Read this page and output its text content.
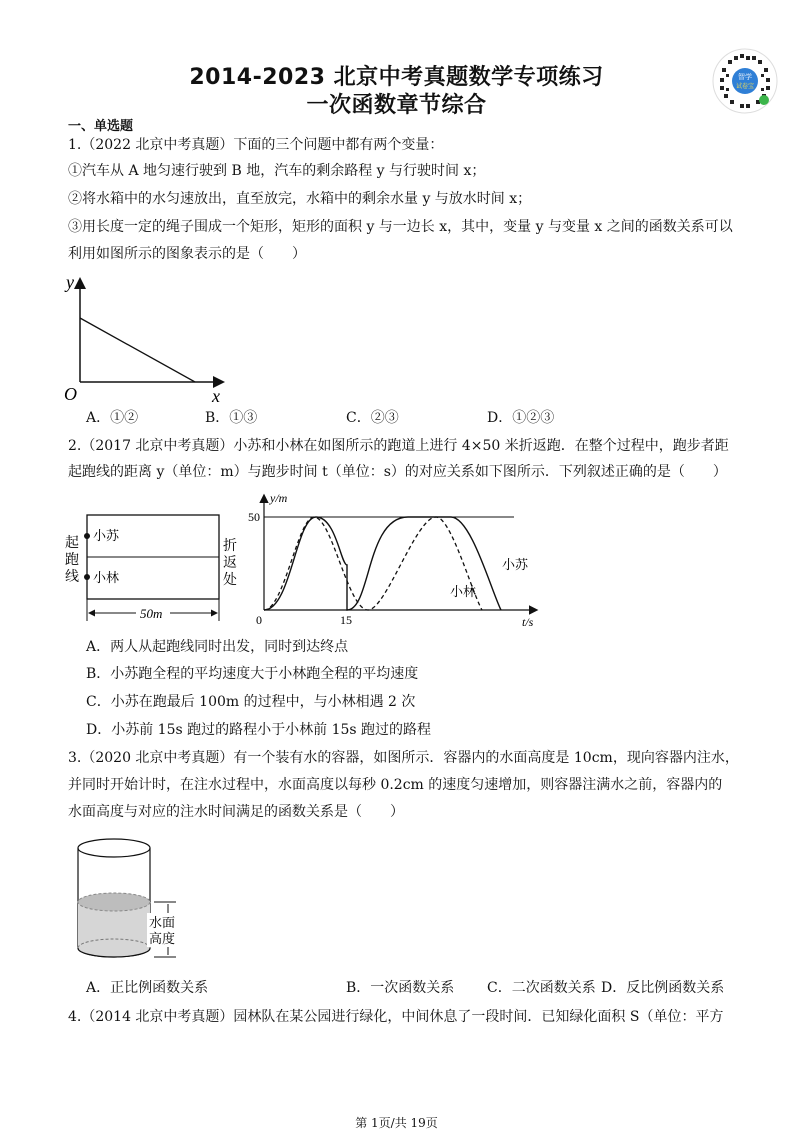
2014-2023 北京中考真题数学专项练习
一次函数章节综合
智学
试卷宝
一、单选题
1.（2022 北京中考真题）下面的三个问题中都有两个变量：
①汽车从 A 地匀速行驶到 B 地，汽车的剩余路程 y 与行驶时间 x；
②将水箱中的水匀速放出，直至放完，水箱中的剩余水量 y 与放水时间 x；
③用长度一定的绳子围成一个矩形，矩形的面积 y 与一边长 x，其中，变量 y 与变量 x 之间的函数关系可以
利用如图所示的图象表示的是（　　）
y
x
O
A．①②	B．①③	C．②③	D．①②③
2.（2017 北京中考真题）小苏和小林在如图所示的跑道上进行 4×50 米折返跑．在整个过程中，跑步者距
起跑线的距离 y（单位：m）与跑步时间 t（单位：s）的对应关系如下图所示．下列叙述正确的是（　　）
小苏
小林
起
跑
线
折
返
处
50m
y/m
t/s
50
15
0
小苏
小林
A．两人从起跑线同时出发，同时到达终点
B．小苏跑全程的平均速度大于小林跑全程的平均速度
C．小苏在跑最后 100m 的过程中，与小林相遇 2 次
D．小苏前 15s 跑过的路程小于小林前 15s 跑过的路程
3.（2020 北京中考真题）有一个装有水的容器，如图所示．容器内的水面高度是 10cm，现向容器内注水，
并同时开始计时，在注水过程中，水面高度以每秒 0.2cm 的速度匀速增加，则容器注满水之前，容器内的
水面高度与对应的注水时间满足的函数关系是（　　）
水面
高度
A．正比例函数关系	B．一次函数关系 C．二次函数关系 D．反比例函数关系
4.（2014 北京中考真题）园林队在某公园进行绿化，中间休息了一段时间．已知绿化面积 S（单位：平方
第 1页/共 19页
